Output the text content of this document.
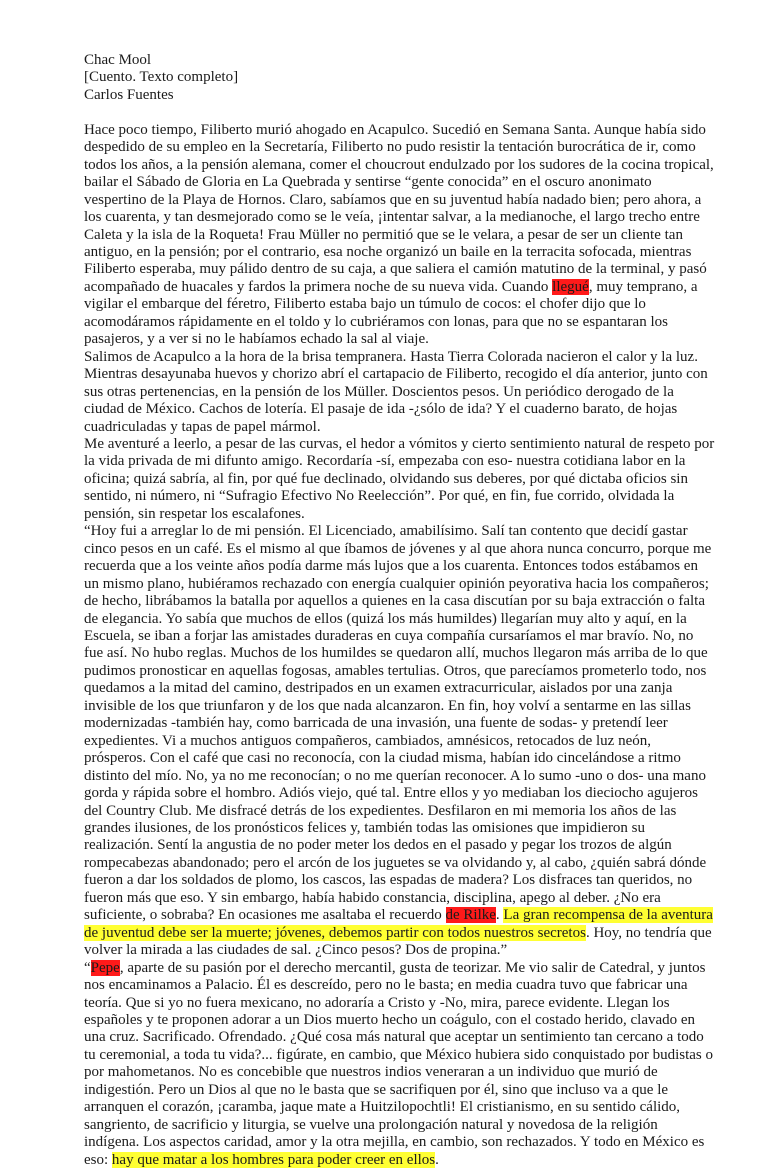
Chac Mool
[Cuento. Texto completo]
Carlos Fuentes

Hace poco tiempo, Filiberto murió ahogado en Acapulco. Sucedió en Semana Santa. Aunque había sido despedido de su empleo en la Secretaría, Filiberto no pudo resistir la tentación burocrática de ir, como todos los años, a la pensión alemana, comer el choucrout endulzado por los sudores de la cocina tropical, bailar el Sábado de Gloria en La Quebrada y sentirse “gente conocida” en el oscuro anonimato vespertino de la Playa de Hornos. Claro, sabíamos que en su juventud había nadado bien; pero ahora, a los cuarenta, y tan desmejorado como se le veía, ¡intentar salvar, a la medianoche, el largo trecho entre Caleta y la isla de la Roqueta! Frau Müller no permitió que se le velara, a pesar de ser un cliente tan antiguo, en la pensión; por el contrario, esa noche organizó un baile en la terracita sofocada, mientras Filiberto esperaba, muy pálido dentro de su caja, a que saliera el camión matutino de la terminal, y pasó acompañado de huacales y fardos la primera noche de su nueva vida. Cuando llegué, muy temprano, a vigilar el embarque del féretro, Filiberto estaba bajo un túmulo de cocos: el chofer dijo que lo acomodáramos rápidamente en el toldo y lo cubriéramos con lonas, para que no se espantaran los pasajeros, y a ver si no le habíamos echado la sal al viaje.

Salimos de Acapulco a la hora de la brisa tempranera. Hasta Tierra Colorada nacieron el calor y la luz. Mientras desayunaba huevos y chorizo abrí el cartapacio de Filiberto, recogido el día anterior, junto con sus otras pertenencias, en la pensión de los Müller. Doscientos pesos. Un periódico derogado de la ciudad de México. Cachos de lotería. El pasaje de ida -¿sólo de ida? Y el cuaderno barato, de hojas cuadriculadas y tapas de papel mármol.

Me aventuré a leerlo, a pesar de las curvas, el hedor a vómitos y cierto sentimiento natural de respeto por la vida privada de mi difunto amigo. Recordaría -sí, empezaba con eso- nuestra cotidiana labor en la oficina; quizá sabría, al fin, por qué fue declinado, olvidando sus deberes, por qué dictaba oficios sin sentido, ni número, ni “Sufragio Efectivo No Reelección”. Por qué, en fin, fue corrido, olvidada la pensión, sin respetar los escalafones.

“Hoy fui a arreglar lo de mi pensión. El Licenciado, amabilísimo. Salí tan contento que decidí gastar cinco pesos en un café. Es el mismo al que íbamos de jóvenes y al que ahora nunca concurro, porque me recuerda que a los veinte años podía darme más lujos que a los cuarenta. Entonces todos estábamos en un mismo plano, hubiéramos rechazado con energía cualquier opinión peyorativa hacia los compañeros; de hecho, librábamos la batalla por aquellos a quienes en la casa discutían por su baja extracción o falta de elegancia. Yo sabía que muchos de ellos (quizá los más humildes) llegarían muy alto y aquí, en la Escuela, se iban a forjar las amistades duraderas en cuya compañía cursaríamos el mar bravío. No, no fue así. No hubo reglas. Muchos de los humildes se quedaron allí, muchos llegaron más arriba de lo que pudimos pronosticar en aquellas fogosas, amables tertulias. Otros, que parecíamos prometerlo todo, nos quedamos a la mitad del camino, destripados en un examen extracurricular, aislados por una zanja invisible de los que triunfaron y de los que nada alcanzaron. En fin, hoy volví a sentarme en las sillas modernizadas -también hay, como barricada de una invasión, una fuente de sodas- y pretendí leer expedientes. Vi a muchos antiguos compañeros, cambiados, amnésicos, retocados de luz neón, prósperos. Con el café que casi no reconocía, con la ciudad misma, habían ido cincelándose a ritmo distinto del mío. No, ya no me reconocían; o no me querían reconocer. A lo sumo -uno o dos- una mano gorda y rápida sobre el hombro. Adiós viejo, qué tal. Entre ellos y yo mediaban los dieciocho agujeros del Country Club. Me disfracé detrás de los expedientes. Desfilaron en mi memoria los años de las grandes ilusiones, de los pronósticos felices y, también todas las omisiones que impidieron su realización. Sentí la angustia de no poder meter los dedos en el pasado y pegar los trozos de algún rompecabezas abandonado; pero el arcón de los juguetes se va olvidando y, al cabo, ¿quién sabrá dónde fueron a dar los soldados de plomo, los cascos, las espadas de madera? Los disfraces tan queridos, no fueron más que eso. Y sin embargo, había habido constancia, disciplina, apego al deber. ¿No era suficiente, o sobraba? En ocasiones me asaltaba el recuerdo de Rilke. La gran recompensa de la aventura de juventud debe ser la muerte; jóvenes, debemos partir con todos nuestros secretos. Hoy, no tendría que volver la mirada a las ciudades de sal. ¿Cinco pesos? Dos de propina.”

“Pepe, aparte de su pasión por el derecho mercantil, gusta de teorizar. Me vio salir de Catedral, y juntos nos encaminamos a Palacio. Él es descreído, pero no le basta; en media cuadra tuvo que fabricar una teoría. Que si yo no fuera mexicano, no adoraría a Cristo y -No, mira, parece evidente. Llegan los españoles y te proponen adorar a un Dios muerto hecho un coágulo, con el costado herido, clavado en una cruz. Sacrificado. Ofrendado. ¿Qué cosa más natural que aceptar un sentimiento tan cercano a todo tu ceremonial, a toda tu vida?... figúrate, en cambio, que México hubiera sido conquistado por budistas o por mahometanos. No es concebible que nuestros indios veneraran a un individuo que murió de indigestión. Pero un Dios al que no le basta que se sacrifiquen por él, sino que incluso va a que le arranquen el corazón, ¡caramba, jaque mate a Huitzilopochtli! El cristianismo, en su sentido cálido, sangriento, de sacrificio y liturgia, se vuelve una prolongación natural y novedosa de la religión indígena. Los aspectos caridad, amor y la otra mejilla, en cambio, son rechazados. Y todo en México es eso: hay que matar a los hombres para poder creer en ellos.
